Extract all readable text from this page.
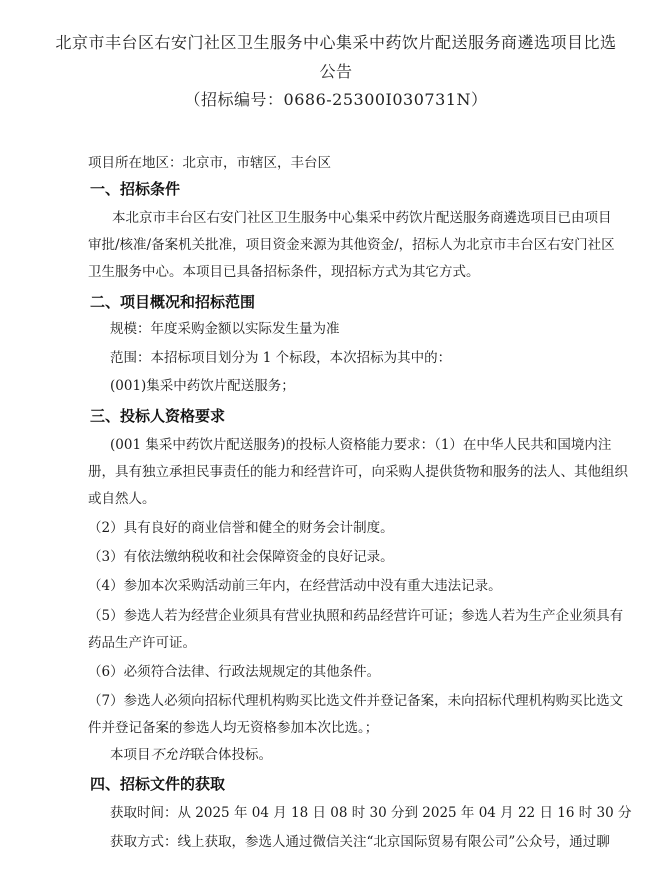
北京市丰台区右安门社区卫生服务中心集采中药饮片配送服务商遴选项目比选
公告
（招标编号：0686-25300I030731N）
项目所在地区：北京市，市辖区，丰台区
一、招标条件
本北京市丰台区右安门社区卫生服务中心集采中药饮片配送服务商遴选项目已由项目
审批/核准/备案机关批准，项目资金来源为其他资金/，招标人为北京市丰台区右安门社区
卫生服务中心。本项目已具备招标条件，现招标方式为其它方式。
二、项目概况和招标范围
规模：年度采购金额以实际发生量为准
范围：本招标项目划分为 1 个标段，本次招标为其中的：
(001)集采中药饮片配送服务；
三、投标人资格要求
(001 集采中药饮片配送服务)的投标人资格能力要求：（1）在中华人民共和国境内注
册，具有独立承担民事责任的能力和经营许可，向采购人提供货物和服务的法人、其他组织
或自然人。
（2）具有良好的商业信誉和健全的财务会计制度。
（3）有依法缴纳税收和社会保障资金的良好记录。
（4）参加本次采购活动前三年内，在经营活动中没有重大违法记录。
（5）参选人若为经营企业须具有营业执照和药品经营许可证；参选人若为生产企业须具有
药品生产许可证。
（6）必须符合法律、行政法规规定的其他条件。
（7）参选人必须向招标代理机构购买比选文件并登记备案，未向招标代理机构购买比选文
件并登记备案的参选人均无资格参加本次比选。；
本项目不允许联合体投标。
四、招标文件的获取
获取时间：从 2025 年 04 月 18 日 08 时 30 分到 2025 年 04 月 22 日 16 时 30 分
获取方式：线上获取，参选人通过微信关注“北京国际贸易有限公司”公众号，通过聊
